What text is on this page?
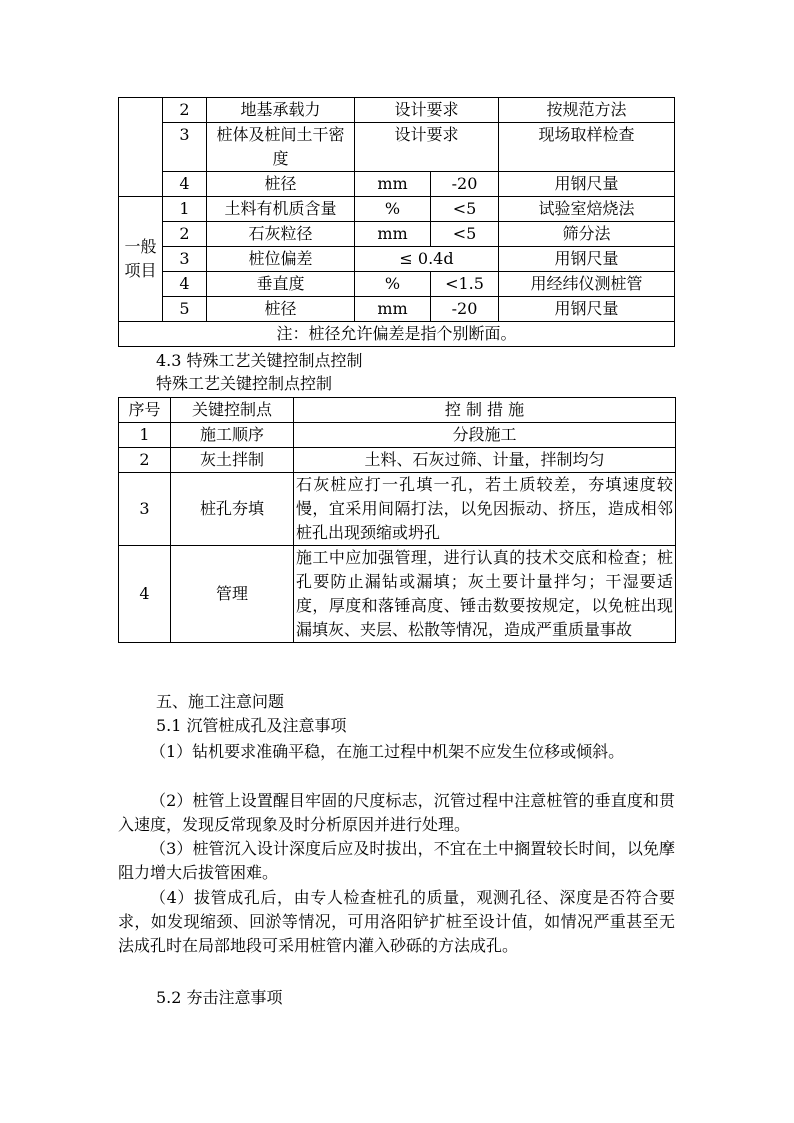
	2	地基承载力	设计要求		按规范方法
	3	桩体及桩间土干密度	设计要求		现场取样检查
	4	桩径	mm	-20	用钢尺量
一般项目	1	土料有机质含量	%	<5	试验室焙烧法
	2	石灰粒径	mm	<5	筛分法
	3	桩位偏差	≤ 0.4d		用钢尺量
	4	垂直度	%	<1.5	用经纬仪测桩管
	5	桩径	mm	-20	用钢尺量
注：桩径允许偏差是指个别断面。					
4.3 特殊工艺关键控制点控制
特殊工艺关键控制点控制
序号	关键控制点	控 制 措 施
1	施工顺序	分段施工
2	灰土拌制	土料、石灰过筛、计量，拌制均匀
3	桩孔夯填	石灰桩应打一孔填一孔，若土质较差，夯填速度较慢，宜采用间隔打法，以免因振动、挤压，造成相邻桩孔出现颈缩或坍孔
4	管理	施工中应加强管理，进行认真的技术交底和检查；桩孔要防止漏钻或漏填；灰土要计量拌匀；干湿要适度，厚度和落锤高度、锤击数要按规定，以免桩出现漏填灰、夹层、松散等情况，造成严重质量事故
五、施工注意问题
5.1 沉管桩成孔及注意事项
（1）钻机要求准确平稳，在施工过程中机架不应发生位移或倾斜。
（2）桩管上设置醒目牢固的尺度标志，沉管过程中注意桩管的垂直度和贯入速度，发现反常现象及时分析原因并进行处理。
（3）桩管沉入设计深度后应及时拔出，不宜在土中搁置较长时间，以免摩阻力增大后拔管困难。
（4）拔管成孔后，由专人检查桩孔的质量，观测孔径、深度是否符合要求，如发现缩颈、回淤等情况，可用洛阳铲扩桩至设计值，如情况严重甚至无法成孔时在局部地段可采用桩管内灌入砂砾的方法成孔。
5.2 夯击注意事项
